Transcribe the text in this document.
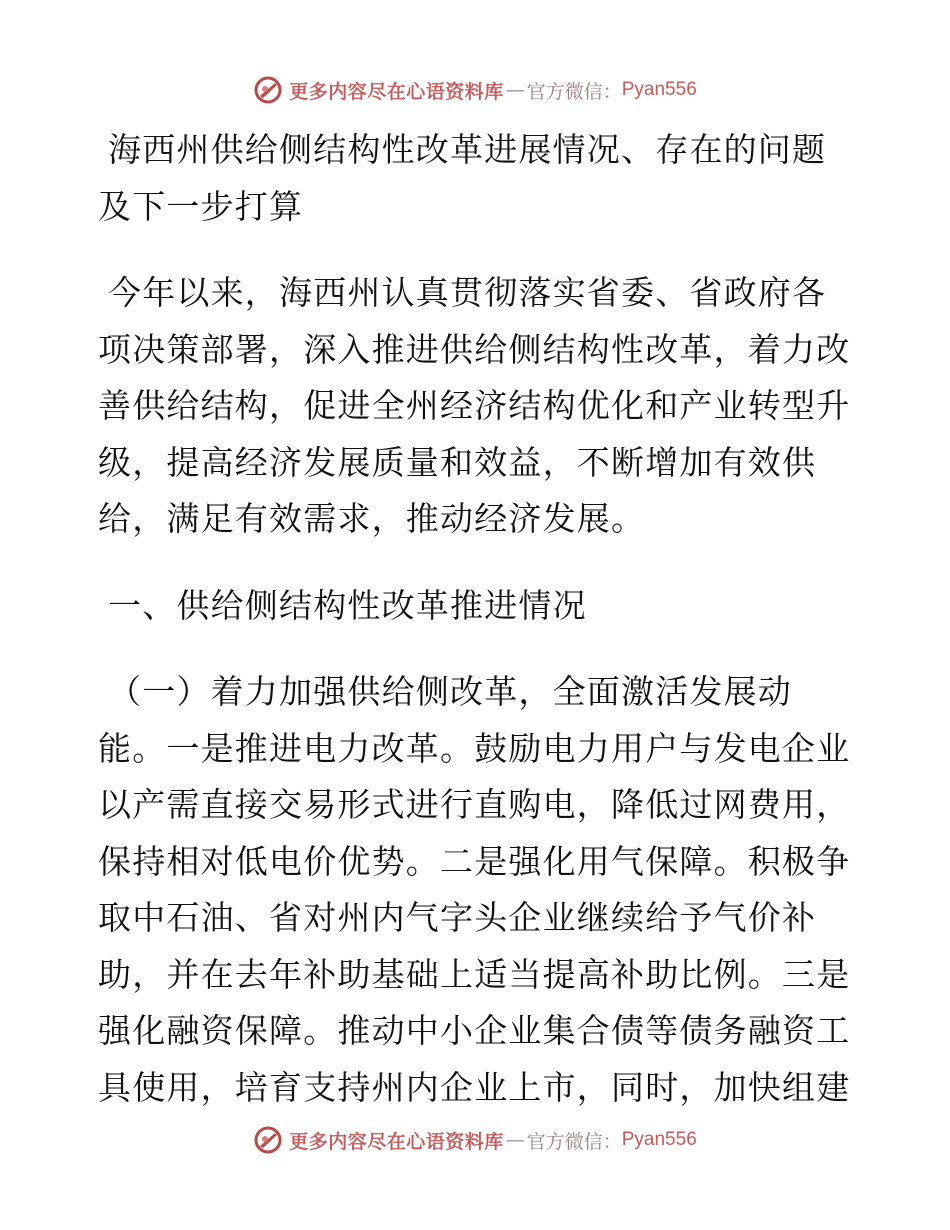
更多内容尽在心语资料库 — 官方微信： Pyan556
海西州供给侧结构性改革进展情况、存在的问题
及下一步打算
今年以来，海西州认真贯彻落实省委、省政府各
项决策部署，深入推进供给侧结构性改革，着力改
善供给结构，促进全州经济结构优化和产业转型升
级，提高经济发展质量和效益，不断增加有效供
给，满足有效需求，推动经济发展。
一、供给侧结构性改革推进情况
（一）着力加强供给侧改革，全面激活发展动
能。一是推进电力改革。鼓励电力用户与发电企业
以产需直接交易形式进行直购电，降低过网费用，
保持相对低电价优势。二是强化用气保障。积极争
取中石油、省对州内气字头企业继续给予气价补
助，并在去年补助基础上适当提高补助比例。三是
强化融资保障。推动中小企业集合债等债务融资工
具使用，培育支持州内企业上市，同时，加快组建
更多内容尽在心语资料库 — 官方微信： Pyan556
